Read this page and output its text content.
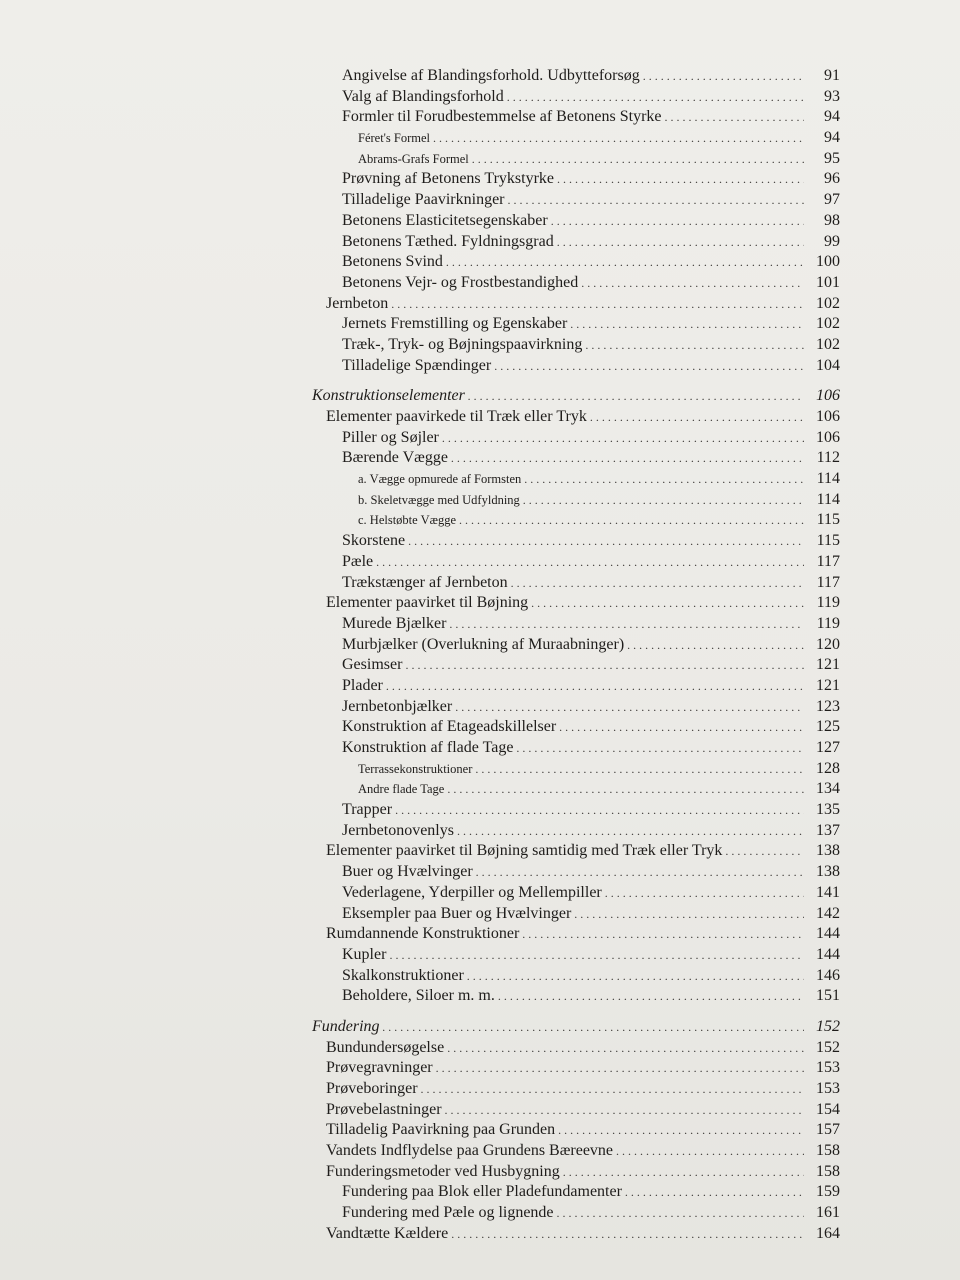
Angivelse af Blandingsforhold. Udbytteforsøg . . .	91
Valg af Blandingsforhold . . .	93
Formler til Forudbestemmelse af Betonens Styrke . . .	94
Féret's Formel . . .	94
Abrams-Grafs Formel . . .	95
Prøvning af Betonens Trykstyrke . . .	96
Tilladelige Paavirkninger . . .	97
Betonens Elasticitetsegenskaber . . .	98
Betonens Tæthed. Fyldningsgrad . . .	99
Betonens Svind . . .	100
Betonens Vejr- og Frostbestandighed . . .	101
Jernbeton . . .	102
Jernets Fremstilling og Egenskaber . . .	102
Træk-, Tryk- og Bøjningspaavirkning . . .	102
Tilladelige Spændinger . . .	104
Konstruktionselementer . . .	106
Elementer paavirkede til Træk eller Tryk . . .	106
Piller og Søjler . . .	106
Bærende Vægge . . .	112
a. Vægge opmurede af Formsten . . .	114
b. Skeletvægge med Udfyldning . . .	114
c. Helstøbte Vægge . . .	115
Skorstene . . .	115
Pæle . . .	117
Trækstænger af Jernbeton . . .	117
Elementer paavirket til Bøjning . . .	119
Murede Bjælker . . .	119
Murbjælker (Overlukning af Muraabninger) . . .	120
Gesimser . . .	121
Plader . . .	121
Jernbetonbjælker . . .	123
Konstruktion af Etageadskillelser . . .	125
Konstruktion af flade Tage . . .	127
Terrassekonstruktioner . . .	128
Andre flade Tage . . .	134
Trapper . . .	135
Jernbetonovenlys . . .	137
Elementer paavirket til Bøjning samtidig med Træk eller Tryk . . .	138
Buer og Hvælvinger . . .	138
Vederlagene, Yderpiller og Mellempiller . . .	141
Eksempler paa Buer og Hvælvinger . . .	142
Rumdannende Konstruktioner . . .	144
Kupler . . .	144
Skalkonstruktioner . . .	146
Beholdere, Siloer m. m. . . .	151
Fundering . . .	152
Bundundersøgelse . . .	152
Prøvegravninger . . .	153
Prøveboringer . . .	153
Prøvebelastninger . . .	154
Tilladelig Paavirkning paa Grunden . . .	157
Vandets Indflydelse paa Grundens Bæreevne . . .	158
Funderingsmetoder ved Husbygning . . .	158
Fundering paa Blok eller Pladefundamenter . . .	159
Fundering med Pæle og lignende . . .	161
Vandtætte Kældere . . .	164
